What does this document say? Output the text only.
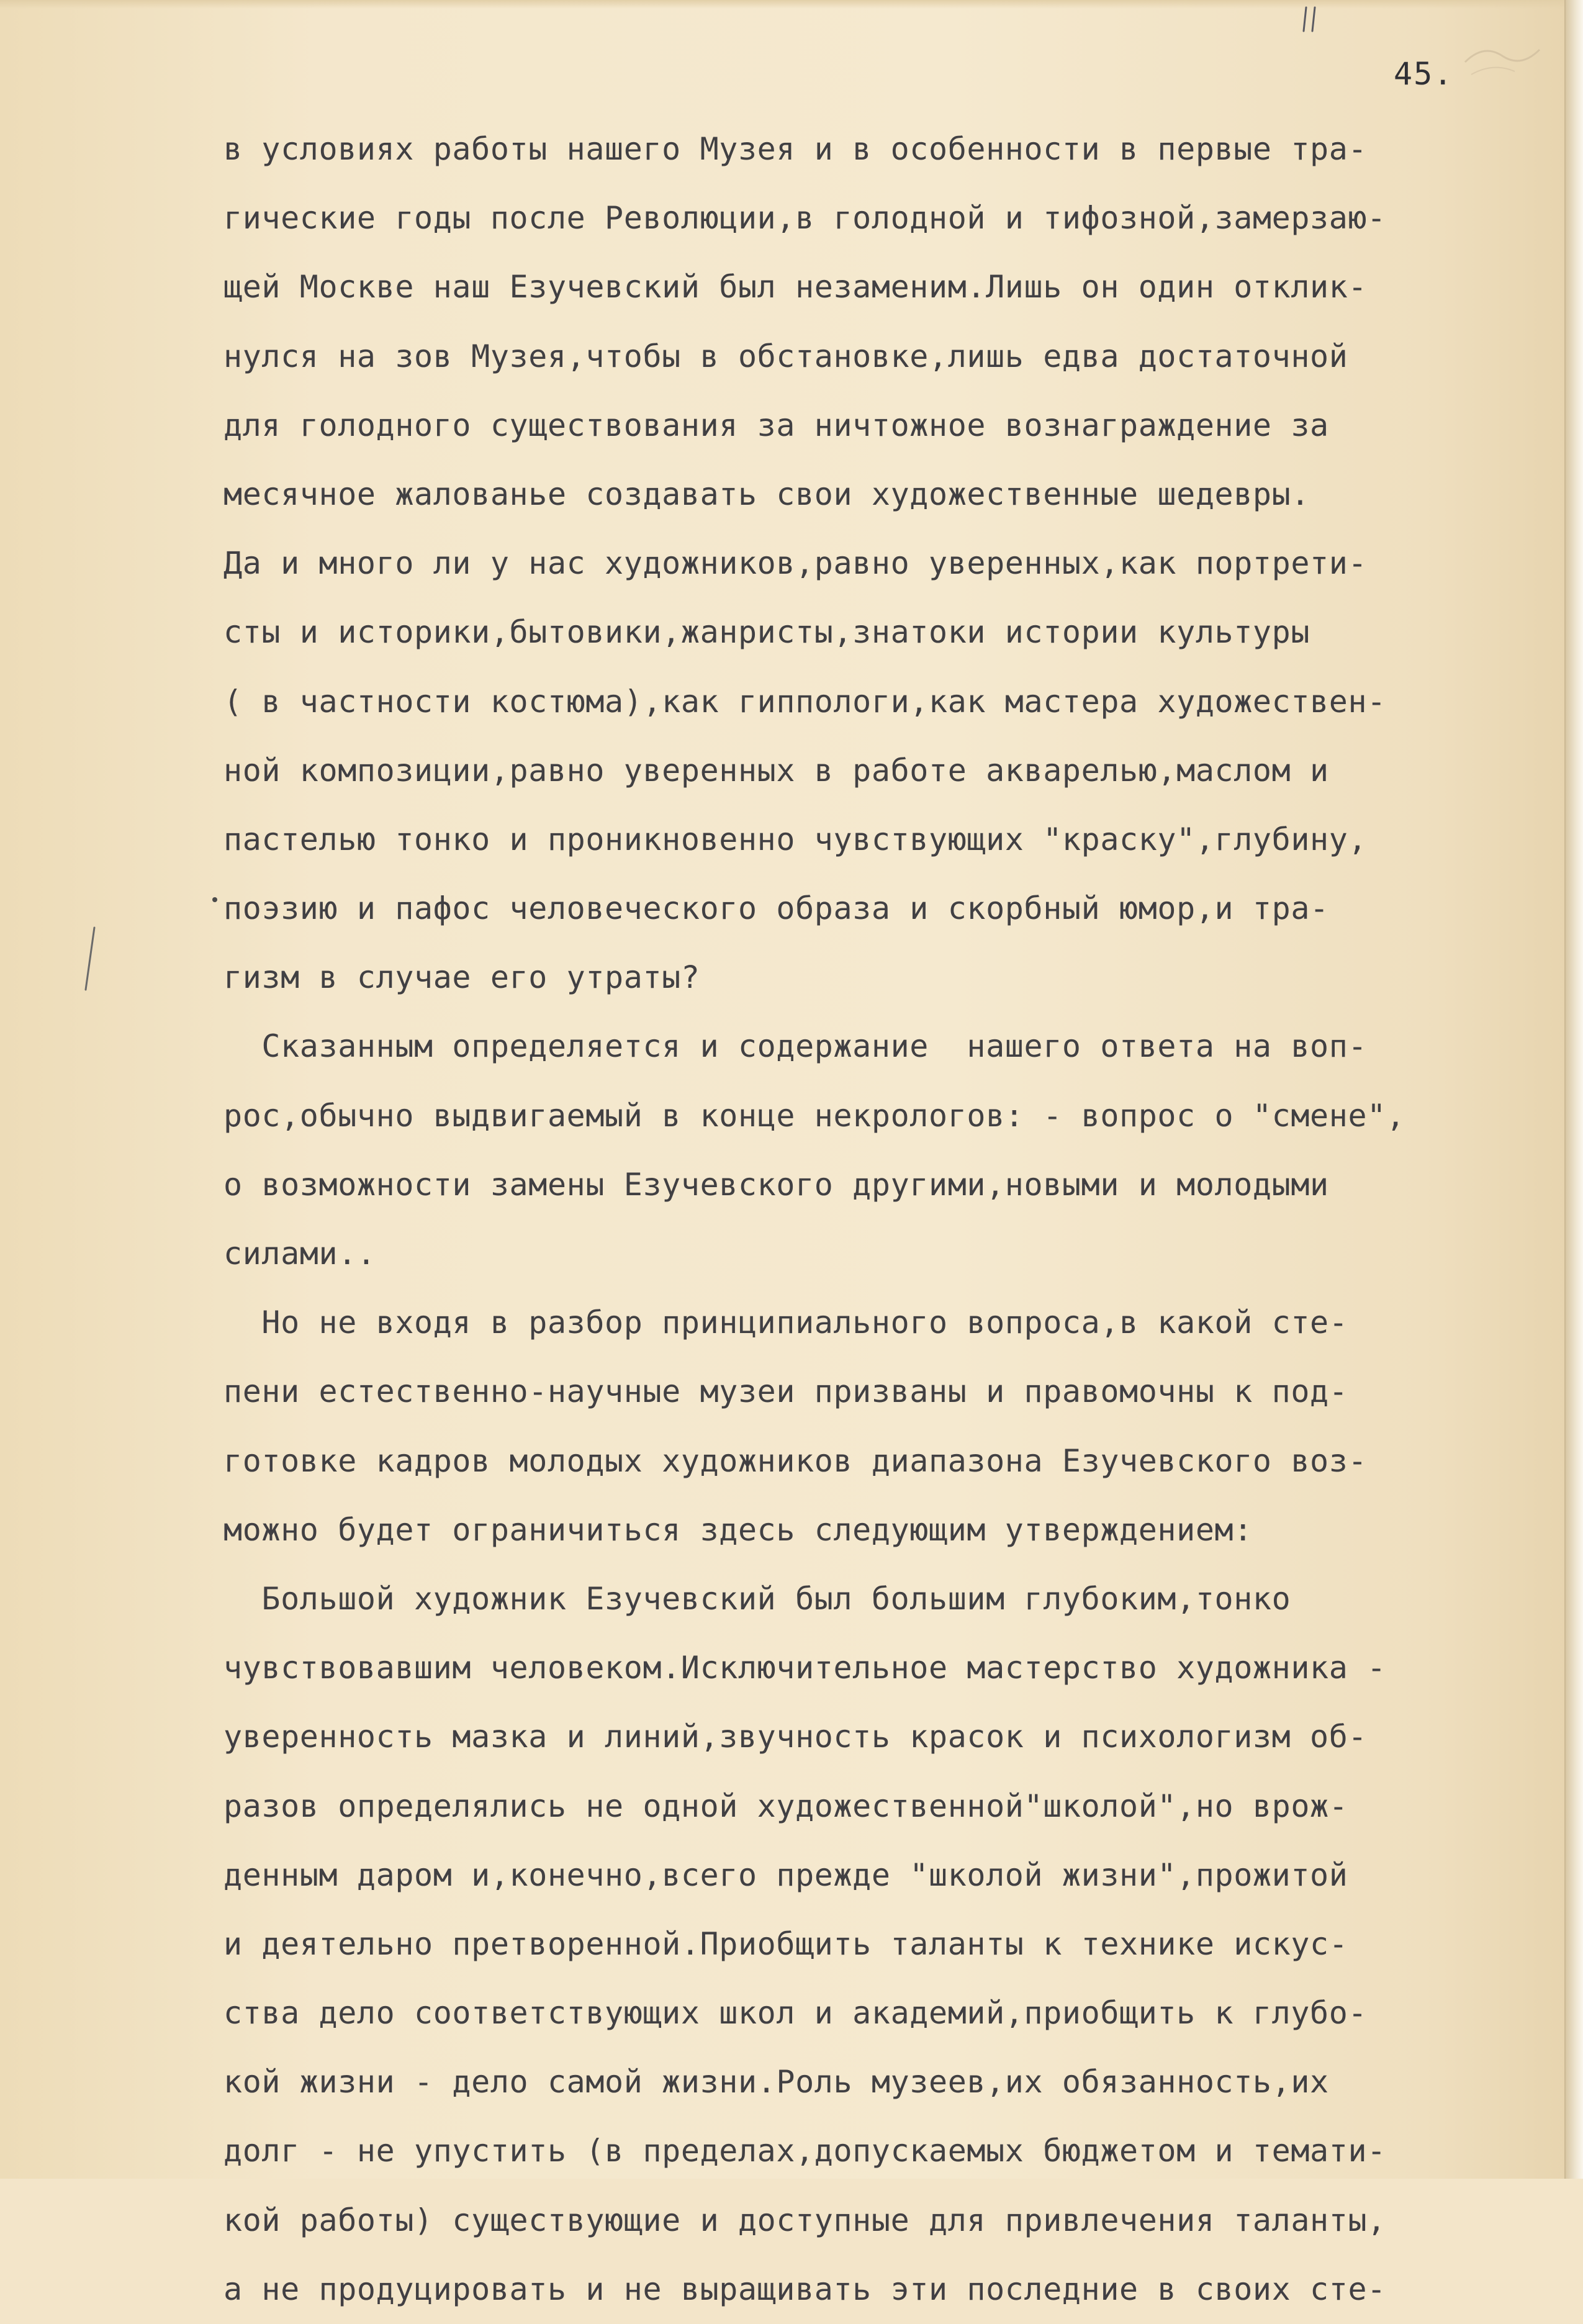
45.
в условиях работы нашего Музея и в особенности в первые тра-
гические годы после Революции,в голодной и тифозной,замерзаю-
щей Москве наш Езучевский был незаменим.Лишь он один отклик-
нулся на зов Музея,чтобы в обстановке,лишь едва достаточной
для голодного существования за ничтожное вознаграждение за
месячное жалованье создавать свои художественные шедевры.
Да и много ли у нас художников,равно уверенных,как портрети-
сты и историки,бытовики,жанристы,знатоки истории культуры
( в частности костюма),как гиппологи,как мастера художествен-
ной композиции,равно уверенных в работе акварелью,маслом и
пастелью тонко и проникновенно чувствующих "краску",глубину,
поэзию и пафос человеческого образа и скорбный юмор,и тра-
гизм в случае его утраты?
Сказанным определяется и содержание  нашего ответа на воп-
рос,обычно выдвигаемый в конце некрологов: - вопрос о "смене",
о возможности замены Езучевского другими,новыми и молодыми
силами..
Но не входя в разбор принципиального вопроса,в какой сте-
пени естественно-научные музеи призваны и правомочны к под-
готовке кадров молодых художников диапазона Езучевского воз-
можно будет ограничиться здесь следующим утверждением:
Большой художник Езучевский был большим глубоким,тонко
чувствовавшим человеком.Исключительное мастерство художника -
уверенность мазка и линий,звучность красок и психологизм об-
разов определялись не одной художественной"школой",но врож-
денным даром и,конечно,всего прежде "школой жизни",прожитой
и деятельно претворенной.Приобщить таланты к технике искус-
ства дело соответствующих школ и академий,приобщить к глубо-
кой жизни - дело самой жизни.Роль музеев,их обязанность,их
долг - не упустить (в пределах,допускаемых бюджетом и темати-
кой работы) существующие и доступные для привлечения таланты,
а не продуцировать и не выращивать эти последние в своих сте-
